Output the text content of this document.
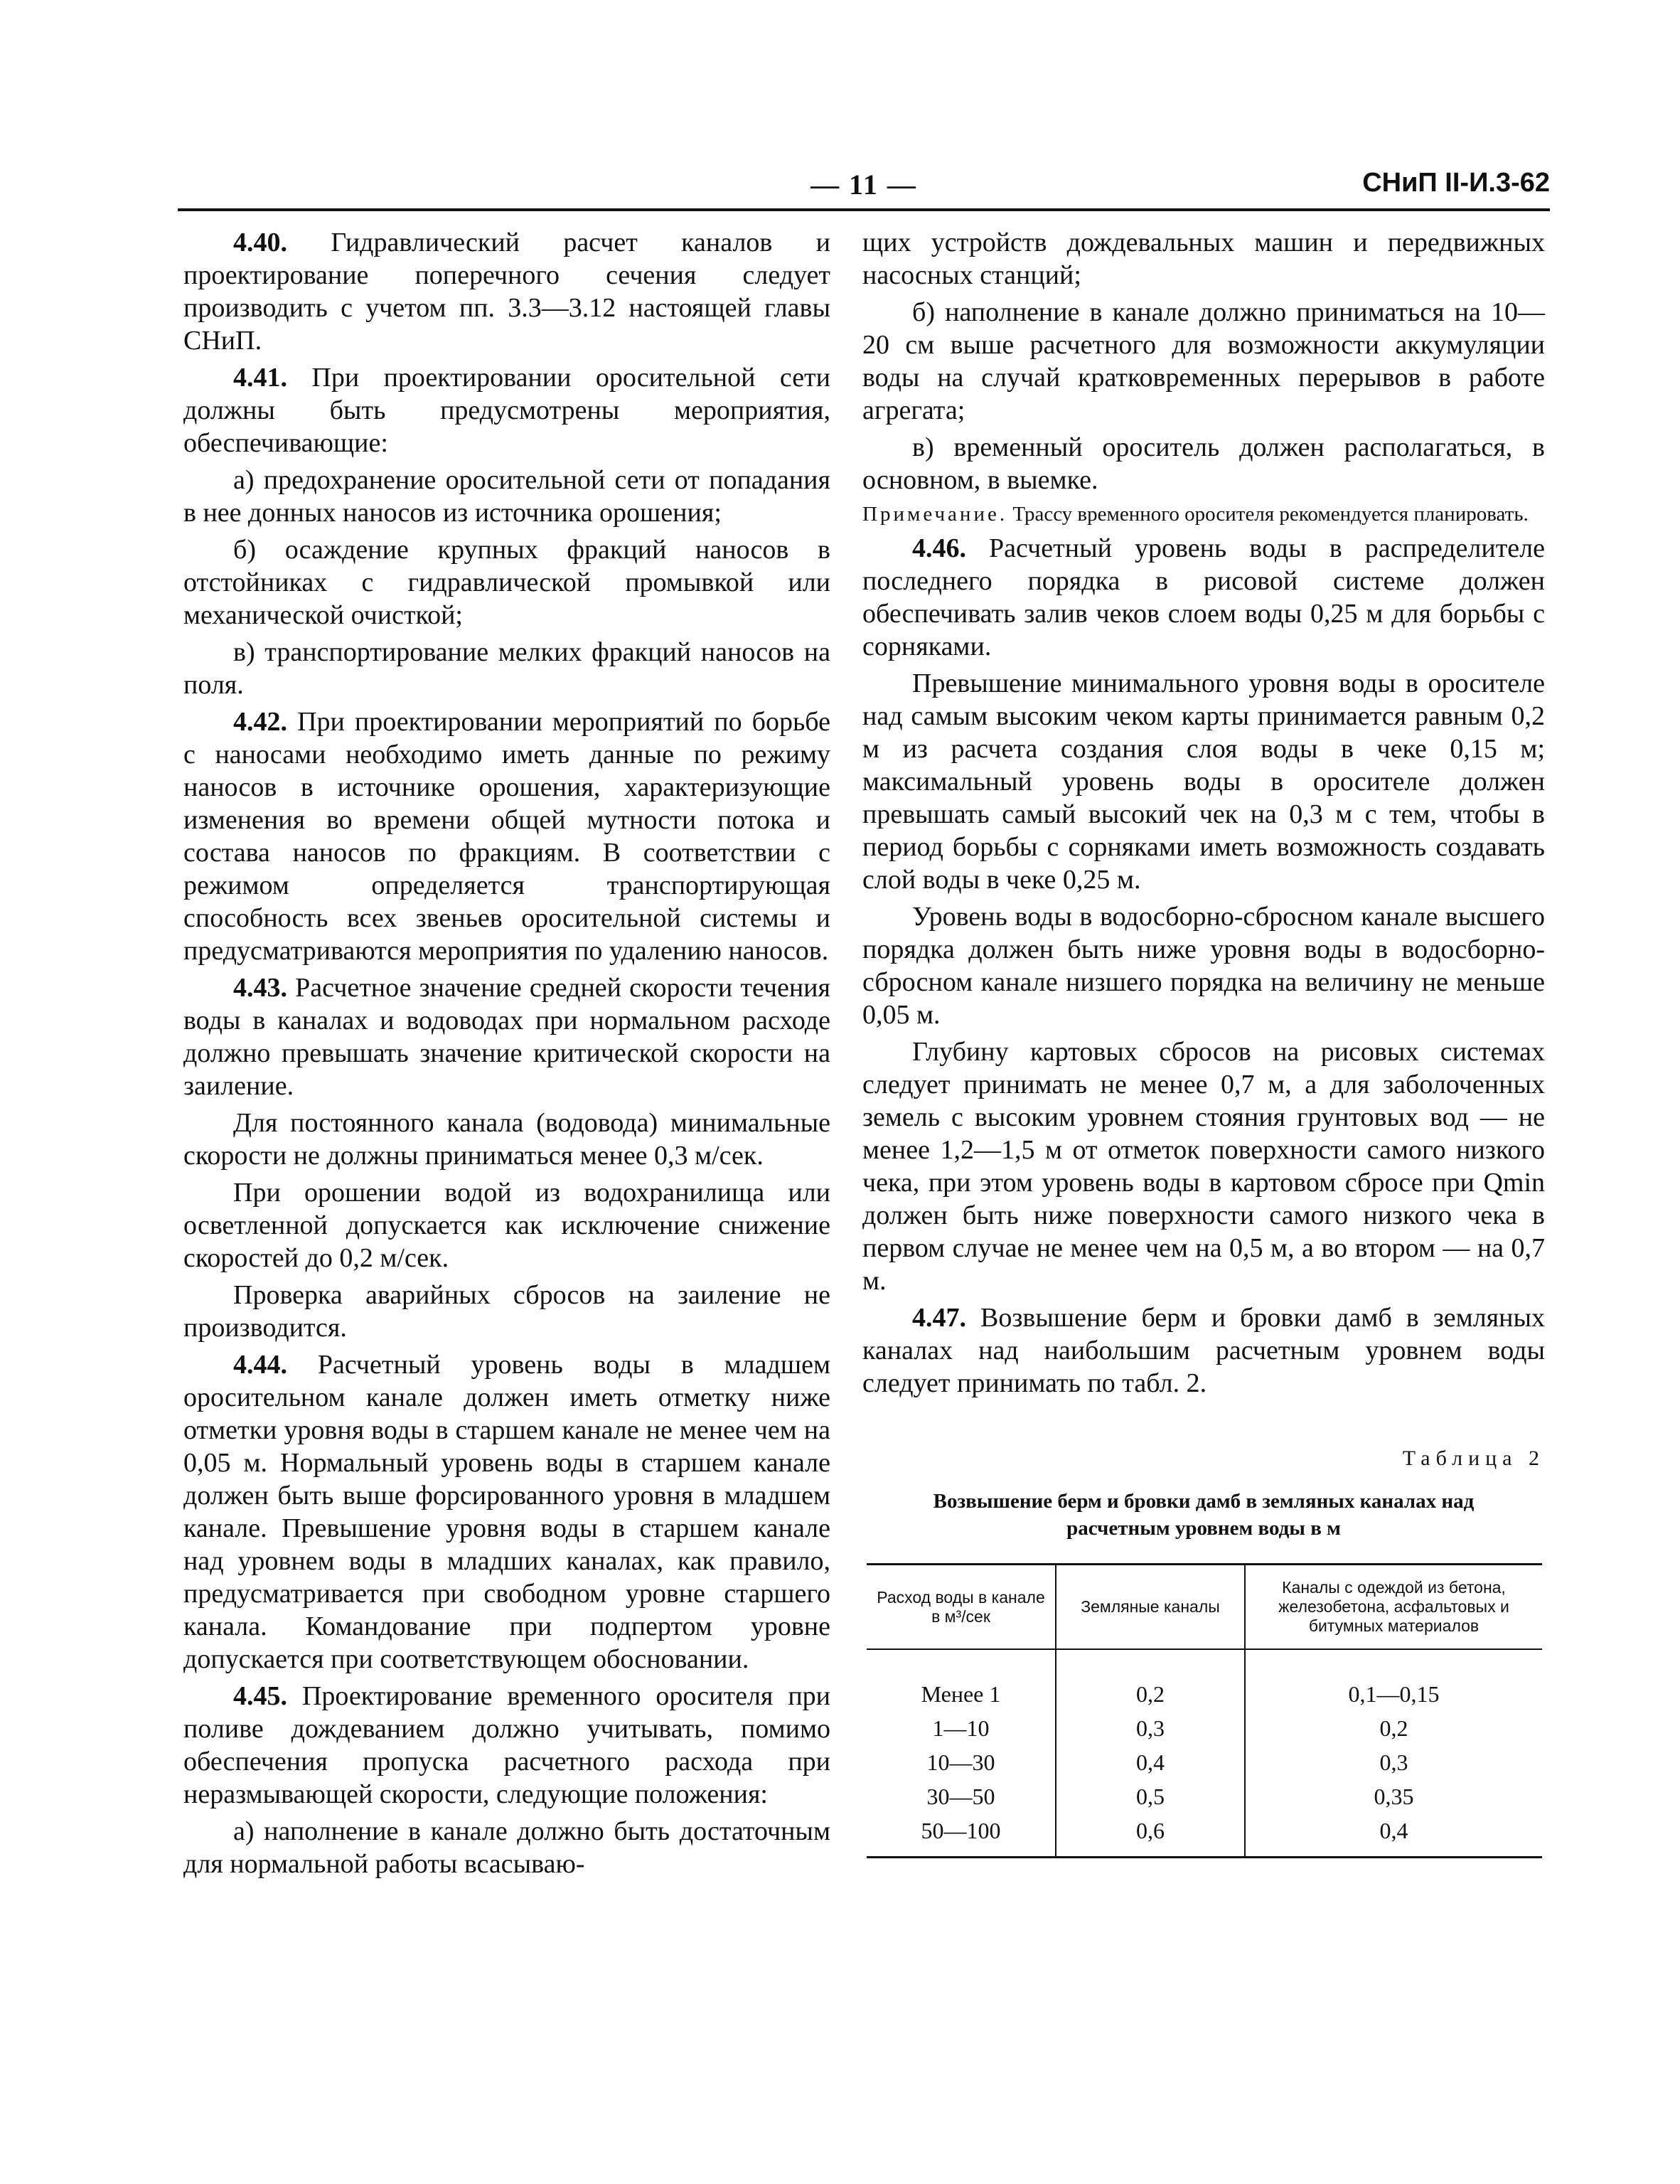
— 11 —	СНиП II-И.3-62

4.40. Гидравлический расчет каналов и проектирование поперечного сечения следует производить с учетом пп. 3.3—3.12 настоящей главы СНиП.

4.41. При проектировании оросительной сети должны быть предусмотрены мероприятия, обеспечивающие:

а) предохранение оросительной сети от попадания в нее донных наносов из источника орошения;

б) осаждение крупных фракций наносов в отстойниках с гидравлической промывкой или механической очисткой;

в) транспортирование мелких фракций наносов на поля.

4.42. При проектировании мероприятий по борьбе с наносами необходимо иметь данные по режиму наносов в источнике орошения, характеризующие изменения во времени общей мутности потока и состава наносов по фракциям. В соответствии с режимом определяется транспортирующая способность всех звеньев оросительной системы и предусматриваются мероприятия по удалению наносов.

4.43. Расчетное значение средней скорости течения воды в каналах и водоводах при нормальном расходе должно превышать значение критической скорости на заиление.

Для постоянного канала (водовода) минимальные скорости не должны приниматься менее 0,3 м/сек.

При орошении водой из водохранилища или осветленной допускается как исключение снижение скоростей до 0,2 м/сек.

Проверка аварийных сбросов на заиление не производится.

4.44. Расчетный уровень воды в младшем оросительном канале должен иметь отметку ниже отметки уровня воды в старшем канале не менее чем на 0,05 м. Нормальный уровень воды в старшем канале должен быть выше форсированного уровня в младшем канале. Превышение уровня воды в старшем канале над уровнем воды в младших каналах, как правило, предусматривается при свободном уровне старшего канала. Командование при подпертом уровне допускается при соответствующем обосновании.

4.45. Проектирование временного оросителя при поливе дождеванием должно учитывать, помимо обеспечения пропуска расчетного расхода при неразмывающей скорости, следующие положения:

а) наполнение в канале должно быть достаточным для нормальной работы всасываю-

щих устройств дождевальных машин и передвижных насосных станций;

б) наполнение в канале должно приниматься на 10—20 см выше расчетного для возможности аккумуляции воды на случай кратковременных перерывов в работе агрегата;

в) временный ороситель должен располагаться, в основном, в выемке.

Примечание. Трассу временного оросителя рекомендуется планировать.

4.46. Расчетный уровень воды в распределителе последнего порядка в рисовой системе должен обеспечивать залив чеков слоем воды 0,25 м для борьбы с сорняками.

Превышение минимального уровня воды в оросителе над самым высоким чеком карты принимается равным 0,2 м из расчета создания слоя воды в чеке 0,15 м; максимальный уровень воды в оросителе должен превышать самый высокий чек на 0,3 м с тем, чтобы в период борьбы с сорняками иметь возможность создавать слой воды в чеке 0,25 м.

Уровень воды в водосборно-сбросном канале высшего порядка должен быть ниже уровня воды в водосборно-сбросном канале низшего порядка на величину не меньше 0,05 м.

Глубину картовых сбросов на рисовых системах следует принимать не менее 0,7 м, а для заболоченных земель с высоким уровнем стояния грунтовых вод — не менее 1,2—1,5 м от отметок поверхности самого низкого чека, при этом уровень воды в картовом сбросе при Qmin должен быть ниже поверхности самого низкого чека в первом случае не менее чем на 0,5 м, а во втором — на 0,7 м.

4.47. Возвышение берм и бровки дамб в земляных каналах над наибольшим расчетным уровнем воды следует принимать по табл. 2.

Таблица 2
Возвышение берм и бровки дамб в земляных каналах над расчетным уровнем воды в м
Расход воды в канале в м³/сек	Земляные каналы	Каналы с одеждой из бетона, железобетона, асфальтовых и битумных материалов
Менее 1	0,2	0,1—0,15
1—10	0,3	0,2
10—30	0,4	0,3
30—50	0,5	0,35
50—100	0,6	0,4
